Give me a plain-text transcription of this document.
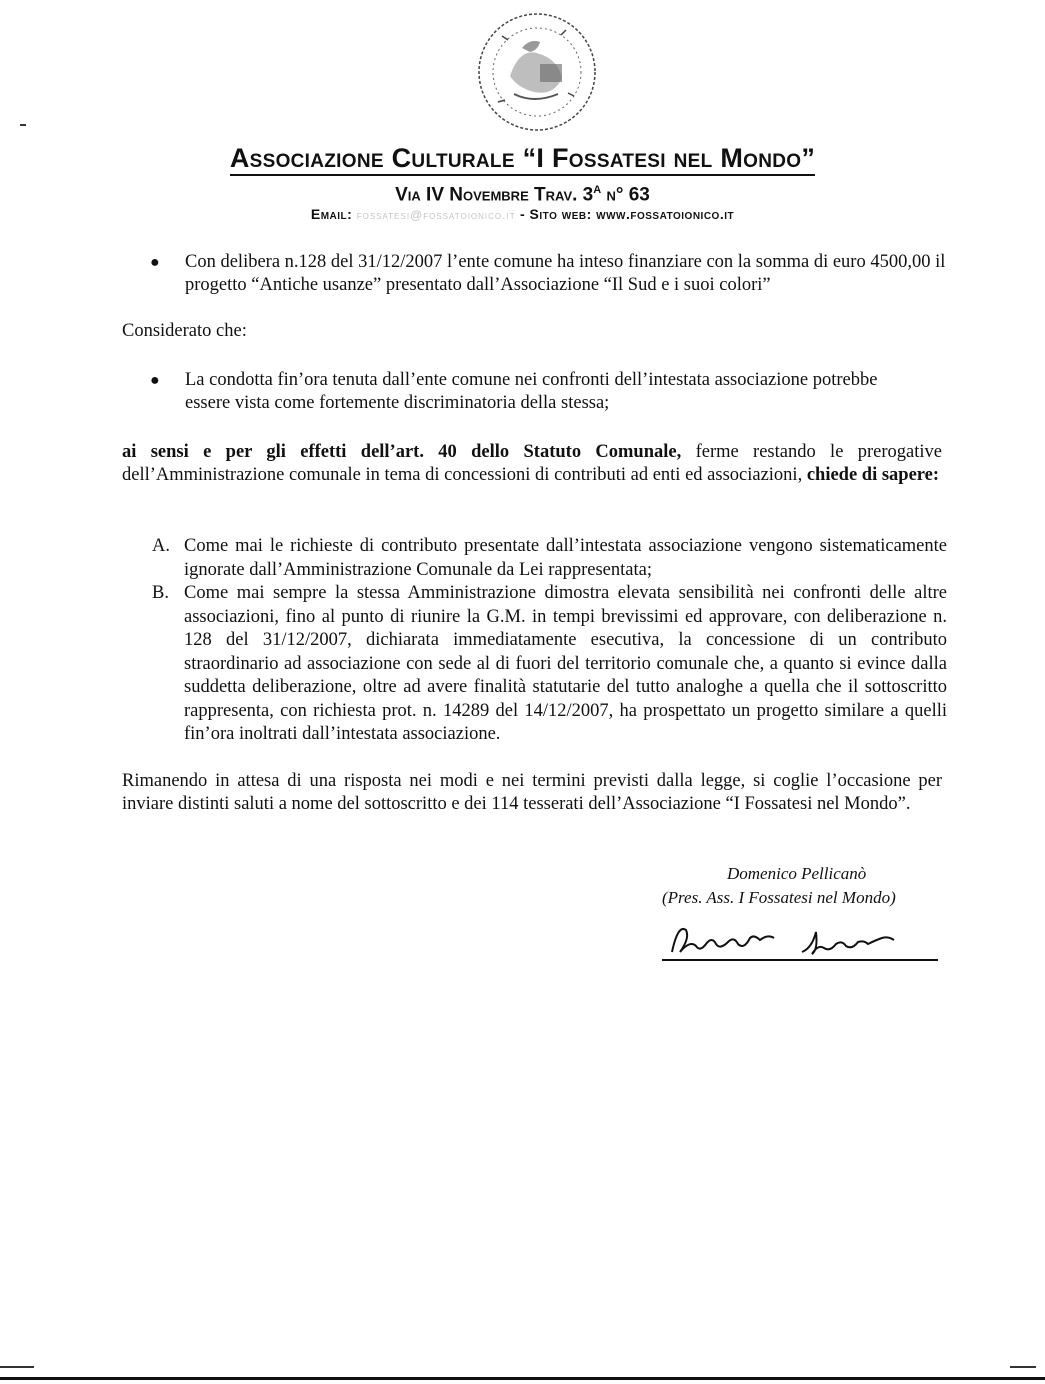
Associazione Culturale “I Fossatesi nel Mondo”
Via IV Novembre Trav. $3^A$ n° 63
Email: fossatesi@fossatoionico.it - Sito web: www.fossatoionico.it
● Con delibera n.128 del 31/12/2007 l’ente comune ha inteso finanziare con la somma di euro 4500,00 il progetto “Antiche usanze” presentato dall’Associazione “Il Sud e i suoi colori”

Considerato che:

● La condotta fin’ora tenuta dall’ente comune nei confronti dell’intestata associazione potrebbe essere vista come fortemente discriminatoria della stessa;

ai sensi e per gli effetti dell’art. 40 dello Statuto Comunale, ferme restando le prerogative dell’Amministrazione comunale in tema di concessioni di contributi ad enti ed associazioni, chiede di sapere:

A. Come mai le richieste di contributo presentate dall’intestata associazione vengono sistematicamente ignorate dall’Amministrazione Comunale da Lei rappresentata;

B. Come mai sempre la stessa Amministrazione dimostra elevata sensibilità nei confronti delle altre associazioni, fino al punto di riunire la G.M. in tempi brevissimi ed approvare, con deliberazione n. 128 del 31/12/2007, dichiarata immediatamente esecutiva, la concessione di un contributo straordinario ad associazione con sede al di fuori del territorio comunale che, a quanto si evince dalla suddetta deliberazione, oltre ad avere finalità statutarie del tutto analoghe a quella che il sottoscritto rappresenta, con richiesta prot. n. 14289 del 14/12/2007, ha prospettato un progetto similare a quelli fin’ora inoltrati dall’intestata associazione.

Rimanendo in attesa di una risposta nei modi e nei termini previsti dalla legge, si coglie l’occasione per inviare distinti saluti a nome del sottoscritto e dei 114 tesserati dell’Associazione “I Fossatesi nel Mondo”.

Domenico Pellicanò
(Pres. Ass. I Fossatesi nel Mondo)
